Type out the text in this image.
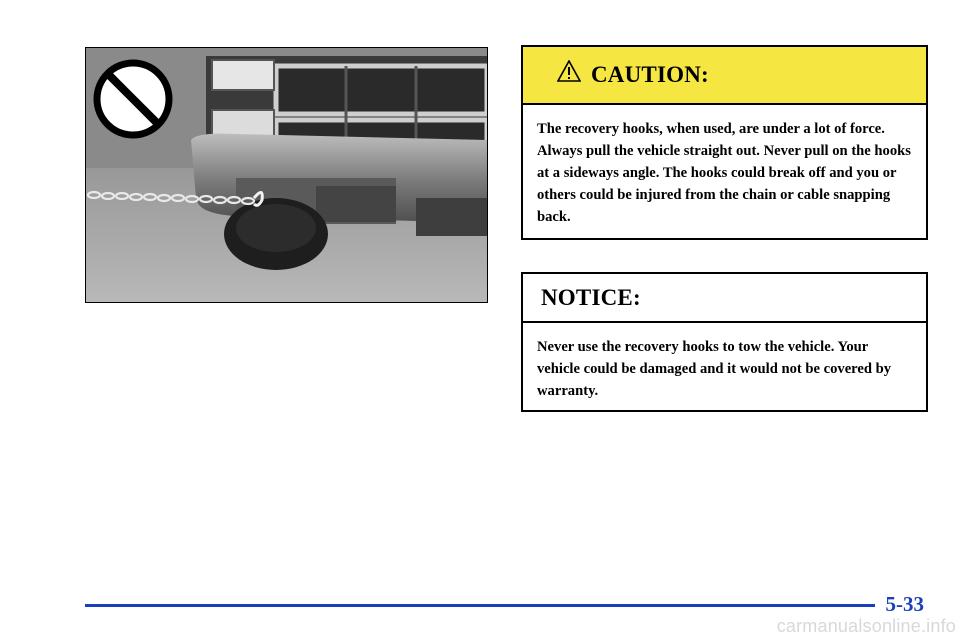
CAUTION:
The recovery hooks, when used, are under a lot of force. Always pull the vehicle straight out. Never pull on the hooks at a sideways angle. The hooks could break off and you or others could be injured from the chain or cable snapping back.
NOTICE:
Never use the recovery hooks to tow the vehicle. Your vehicle could be damaged and it would not be covered by warranty.
5-33
carmanualsonline.info
